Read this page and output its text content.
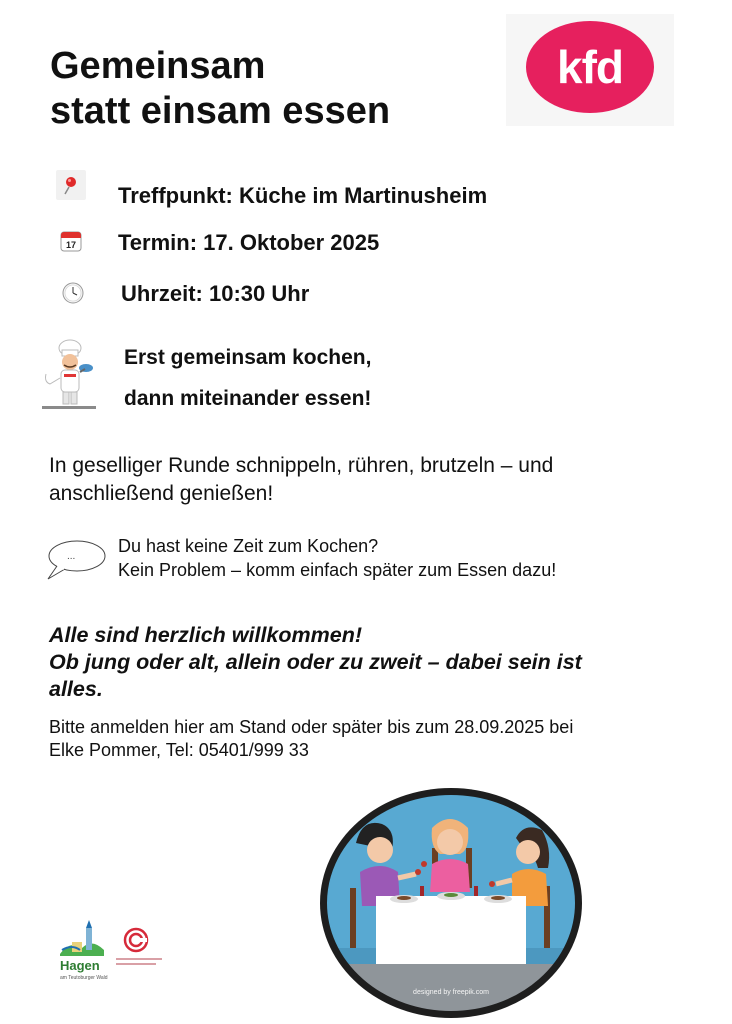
Gemeinsam
statt einsam essen
kfd
Treffpunkt: Küche im Martinusheim
17 Termin: 17. Oktober 2025
Uhrzeit: 10:30 Uhr
Erst gemeinsam kochen,
dann miteinander essen!
In geselliger Runde schnippeln, rühren, brutzeln – und
anschließend genießen!
...
Du hast keine Zeit zum Kochen?
Kein Problem – komm einfach später zum Essen dazu!
Alle sind herzlich willkommen!
Ob jung oder alt, allein oder zu zweit – dabei sein ist
alles.
Bitte anmelden hier am Stand oder später bis zum 28.09.2025 bei
Elke Pommer, Tel: 05401/999 33
designed by freepik.com
Hagen
am Teutoburger Wald
